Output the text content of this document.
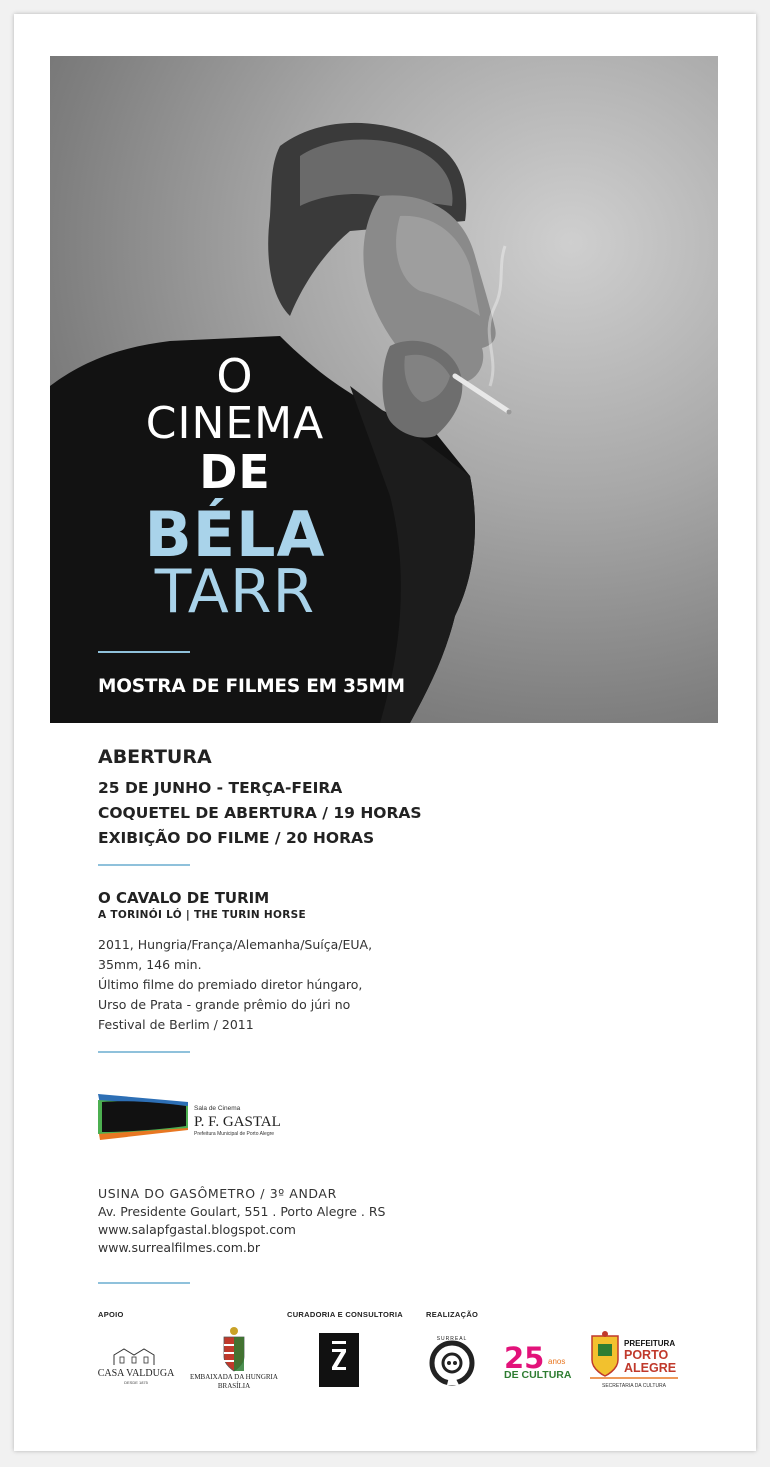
O
CINEMA
DE
BÉLA
TARR
MOSTRA DE FILMES EM 35MM
ABERTURA
25 DE JUNHO - TERÇA-FEIRA
COQUETEL DE ABERTURA / 19 HORAS
EXIBIÇÃO DO FILME / 20 HORAS
O CAVALO DE TURIM
A TORINÓI LÓ | THE TURIN HORSE
2011, Hungria/França/Alemanha/Suíça/EUA,
35mm, 146 min.
Último filme do premiado diretor húngaro,
Urso de Prata - grande prêmio do júri no
Festival de Berlim / 2011
Sala de Cinema
P. F. GASTAL
Prefeitura Municipal de Porto Alegre
USINA DO GASÔMETRO / 3º ANDAR
Av. Presidente Goulart, 551 . Porto Alegre . RS
www.salapfgastal.blogspot.com
www.surrealfilmes.com.br
APOIO	CURADORIA E CONSULTORIA	REALIZAÇÃO
CASA VALDUGA
DESDE 1875
EMBAIXADA DA HUNGRIA
BRASÍLIA
SURREAL
25 anos
DE CULTURA
PREFEITURA
PORTO
ALEGRE
SECRETARIA DA CULTURA
